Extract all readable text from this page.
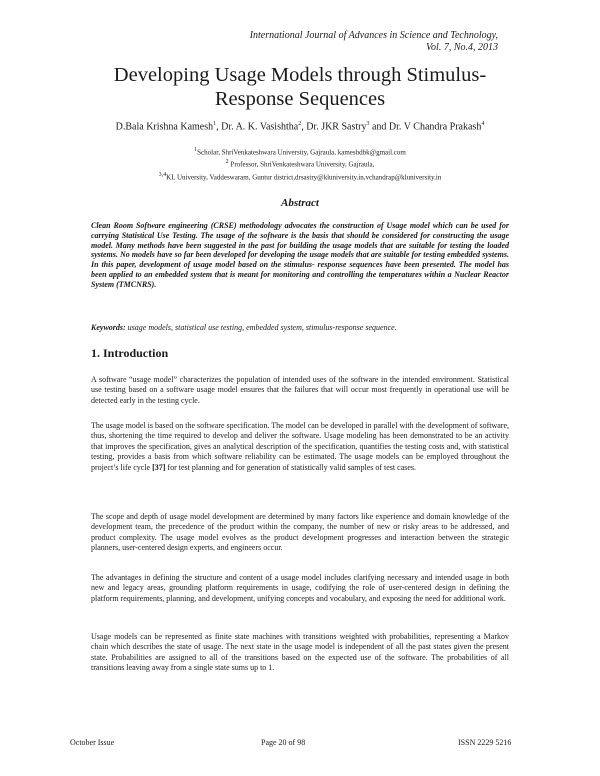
International Journal of Advances in Science and Technology,
Vol. 7, No.4, 2013
Developing Usage Models through Stimulus-
Response Sequences
D.Bala Krishna Kamesh$^1$, Dr. A. K. Vasishtha$^2$, Dr. JKR Sastry$^3$ and Dr. V Chandra Prakash$^4$
$^1$Scholar, ShriVenkateshwara University, Gajraula, kameshdbk@gmail.com
$^2$ Professor, ShriVenkateshwara University, Gajraula,
$^{3,4}$KL University, Vaddeswaram, Guntur district,drsastry@kluniversity.in,vchandrap@kluniversity.in
Abstract
Clean Room Software engineering (CRSE) methodology advocates the construction of Usage model which can be used for carrying Statistical Use Testing. The usage of the software is the basis that should be considered for constructing the usage model. Many methods have been suggested in the past for building the usage models that are suitable for testing the loaded systems. No models have so far been developed for developing the usage models that are suitable for testing embedded systems. In this paper, development of usage model based on the stimulus- response sequences have been presented. The model has been applied to an embedded system that is meant for monitoring and controlling the temperatures within a Nuclear Reactor System (TMCNRS).
Keywords: usage models, statistical use testing, embedded system, stimulus-response sequence.
1. Introduction
A software “usage model” characterizes the population of intended uses of the software in the intended environment. Statistical use testing based on a software usage model ensures that the failures that will occur most frequently in operational use will be detected early in the testing cycle.
The usage model is based on the software specification. The model can be developed in parallel with the development of software, thus, shortening the time required to develop and deliver the software. Usage modeling has been demonstrated to be an activity that improves the specification, gives an analytical description of the specification, quantifies the testing costs and, with statistical testing, provides a basis from which software reliability can be estimated. The usage models can be employed throughout the project’s life cycle [37] for test planning and for generation of statistically valid samples of test cases.
The scope and depth of usage model development are determined by many factors like experience and domain knowledge of the development team, the precedence of the product within the company, the number of new or risky areas to be addressed, and product complexity. The usage model evolves as the product development progresses and interaction between the strategic planners, user-centered design experts, and engineers occur.
The advantages in defining the structure and content of a usage model includes clarifying necessary and intended usage in both new and legacy areas, grounding platform requirements in usage, codifying the role of user-centered design in defining the platform requirements, planning, and development, unifying concepts and vocabulary, and exposing the need for additional work.
Usage models can be represented as finite state machines with transitions weighted with probabilities, representing a Markov chain which describes the state of usage. The next state in the usage model is independent of all the past states given the present state. Probabilities are assigned to all of the transitions based on the expected use of the software. The probabilities of all transitions leaving away from a single state sums up to 1.
October Issue	Page 20 of 98	ISSN 2229 5216
